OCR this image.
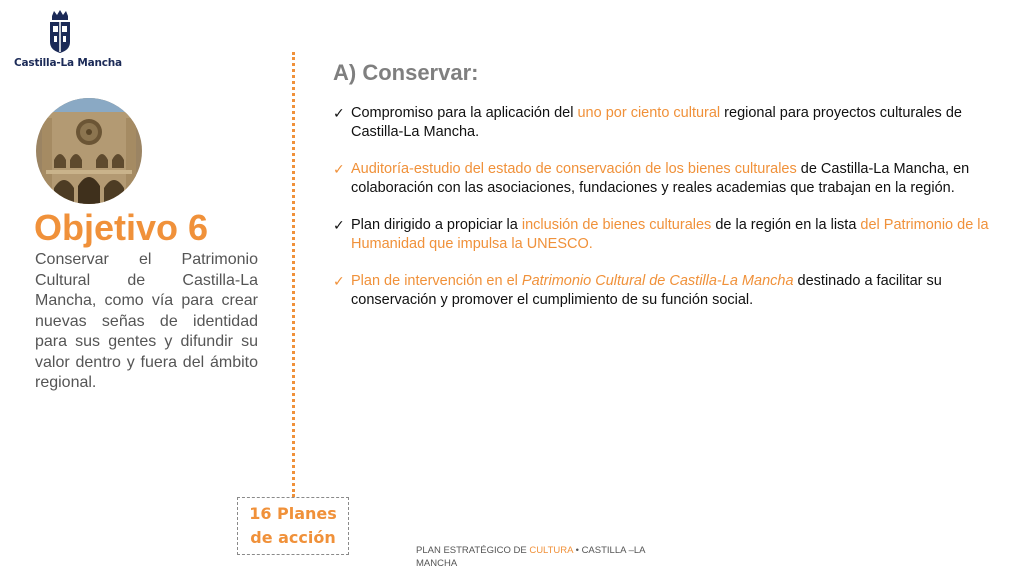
Castilla-La Mancha
Objetivo 6
Conservar el Patrimonio Cultural de Castilla-La Mancha, como vía para crear nuevas señas de identidad para sus gentes y difundir su valor dentro y fuera del ámbito regional.
16 Planes
de acción
A) Conservar:
✓ Compromiso para la aplicación del uno por ciento cultural regional para proyectos culturales de Castilla-La Mancha.
✓ Auditoría-estudio del estado de conservación de los bienes culturales de Castilla-La Mancha, en colaboración con las asociaciones, fundaciones y reales academias que trabajan en la región.
✓ Plan dirigido a propiciar la inclusión de bienes culturales de la región en la lista del Patrimonio de la Humanidad que impulsa la UNESCO.
✓ Plan de intervención en el Patrimonio Cultural de Castilla-La Mancha destinado a facilitar su conservación y promover el cumplimiento de su función social.
PLAN ESTRATÉGICO DE CULTURA • CASTILLA –LA MANCHA
